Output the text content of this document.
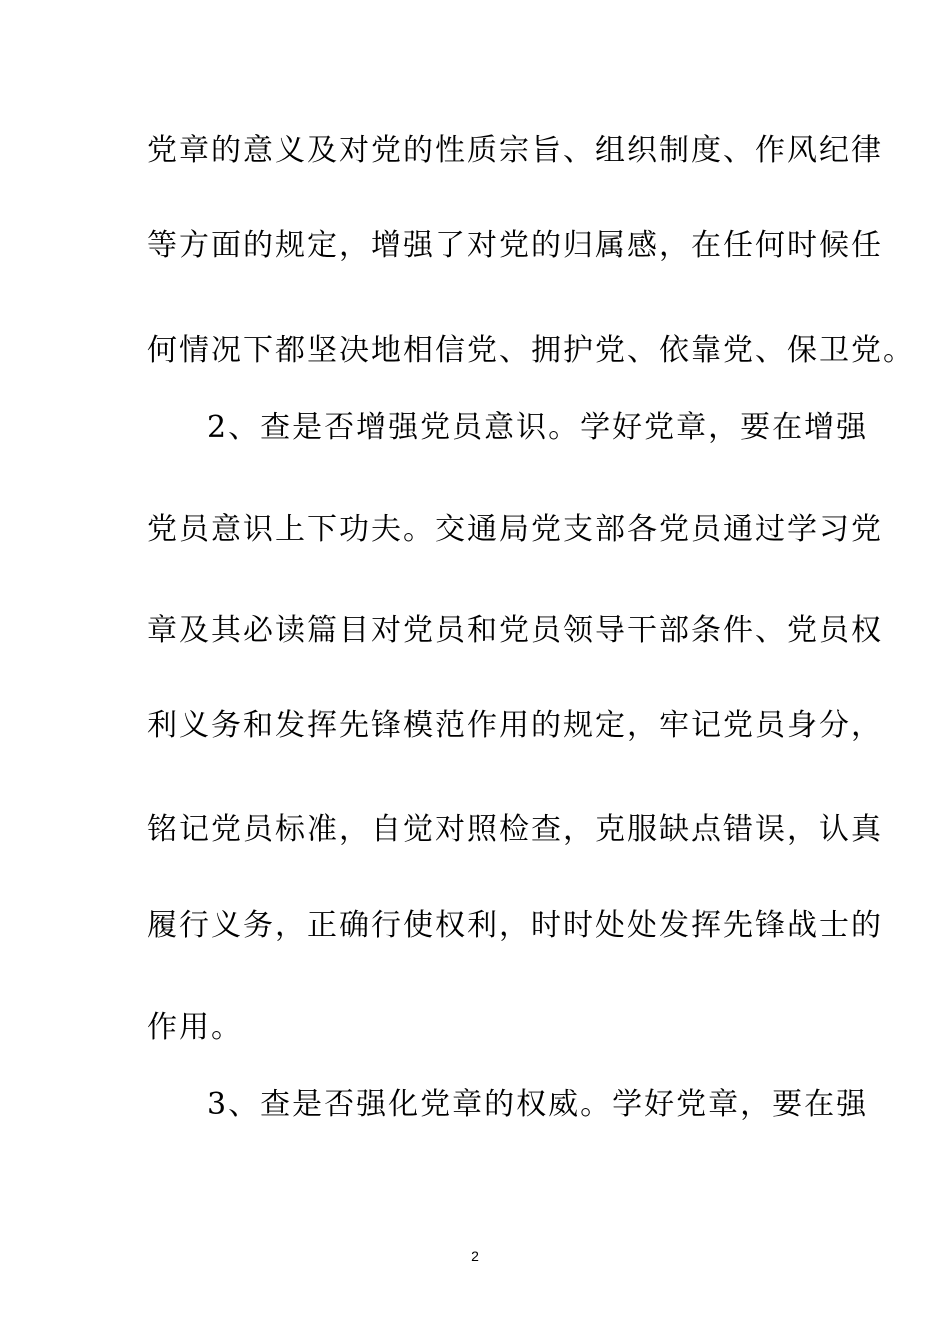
党章的意义及对党的性质宗旨、组织制度、作风纪律
等方面的规定，增强了对党的归属感，在任何时候任
何情况下都坚决地相信党、拥护党、依靠党、保卫党。
2、查是否增强党员意识。学好党章，要在增强
党员意识上下功夫。交通局党支部各党员通过学习党
章及其必读篇目对党员和党员领导干部条件、党员权
利义务和发挥先锋模范作用的规定，牢记党员身分，
铭记党员标准，自觉对照检查，克服缺点错误，认真
履行义务，正确行使权利，时时处处发挥先锋战士的
作用。
3、查是否强化党章的权威。学好党章，要在强
2
